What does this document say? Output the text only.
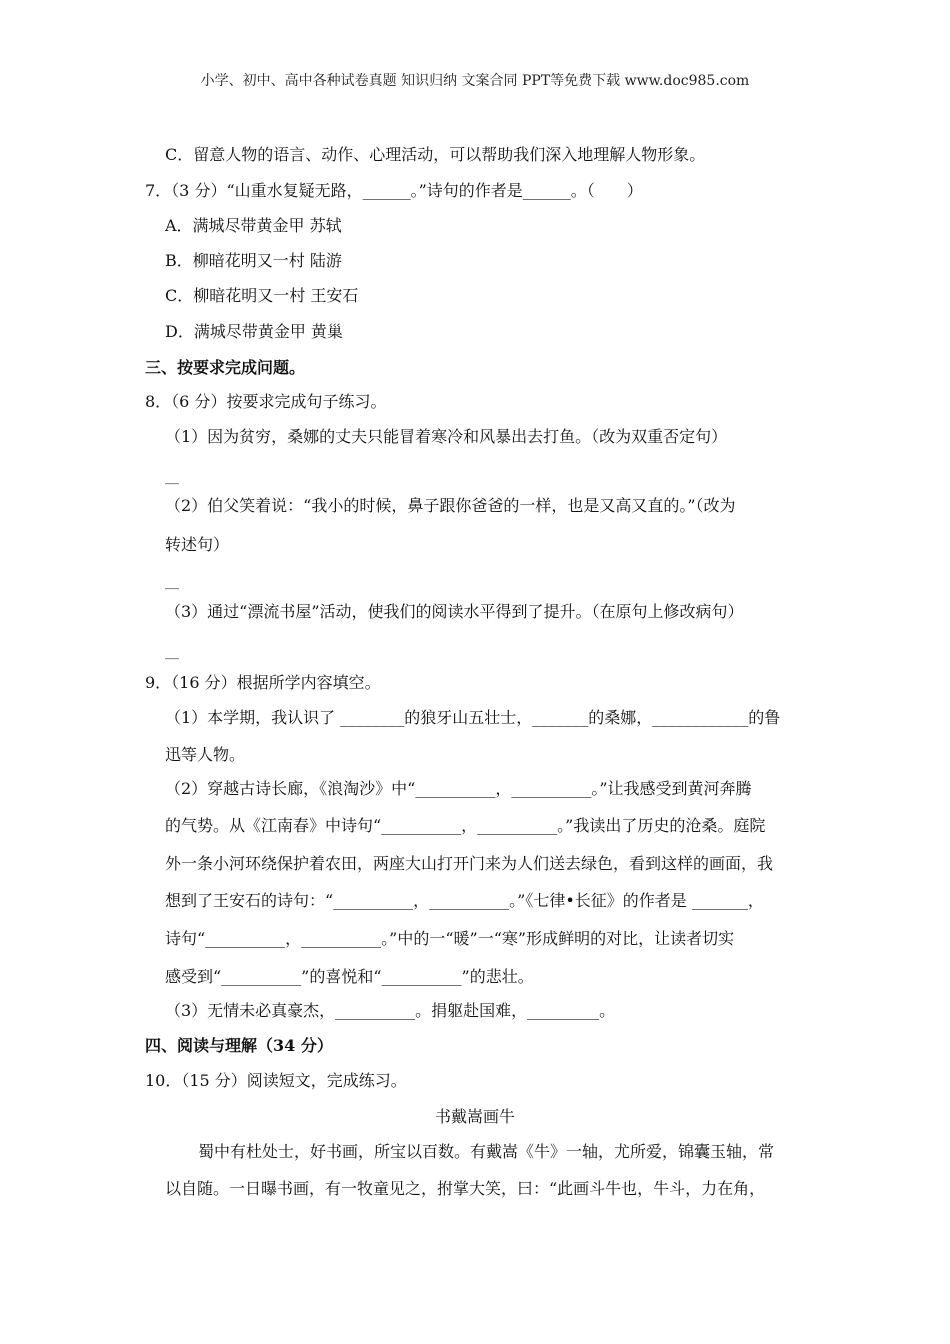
小学、初中、高中各种试卷真题 知识归纳 文案合同 PPT等免费下载 www.doc985.com
C．留意人物的语言、动作、心理活动，可以帮助我们深入地理解人物形象。
7．（3 分）“山重水复疑无路，______。”诗句的作者是______。（　　）
A．满城尽带黄金甲 苏轼
B．柳暗花明又一村 陆游
C．柳暗花明又一村 王安石
D．满城尽带黄金甲 黄巢
三、按要求完成问题。
8．（6 分）按要求完成句子练习。
（1）因为贫穷，桑娜的丈夫只能冒着寒冷和风暴出去打鱼。（改为双重否定句）
__
（2）伯父笑着说：“我小的时候，鼻子跟你爸爸的一样，也是又高又直的。”（改为
转述句）
__
（3）通过“漂流书屋”活动，使我们的阅读水平得到了提升。（在原句上修改病句）
__
9．（16 分）根据所学内容填空。
（1）本学期，我认识了 ________的狼牙山五壮士，_______的桑娜，____________的鲁
迅等人物。
（2）穿越古诗长廊，《浪淘沙》中“__________，__________。”让我感受到黄河奔腾
的气势。从《江南春》中诗句“__________，__________。”我读出了历史的沧桑。庭院
外一条小河环绕保护着农田，两座大山打开门来为人们送去绿色，看到这样的画面，我
想到了王安石的诗句：“__________，__________。”《七律•长征》的作者是 _______，
诗句“__________，__________。”中的一“暖”一“寒”形成鲜明的对比，让读者切实
感受到“__________”的喜悦和“__________”的悲壮。
（3）无情未必真豪杰，__________。捐躯赴国难，_________。
四、阅读与理解（34 分）
10．（15 分）阅读短文，完成练习。
书戴嵩画牛
蜀中有杜处士，好书画，所宝以百数。有戴嵩《牛》一轴，尤所爱，锦囊玉轴，常
以自随。一日曝书画，有一牧童见之，拊掌大笑，曰：“此画斗牛也，牛斗，力在角，
